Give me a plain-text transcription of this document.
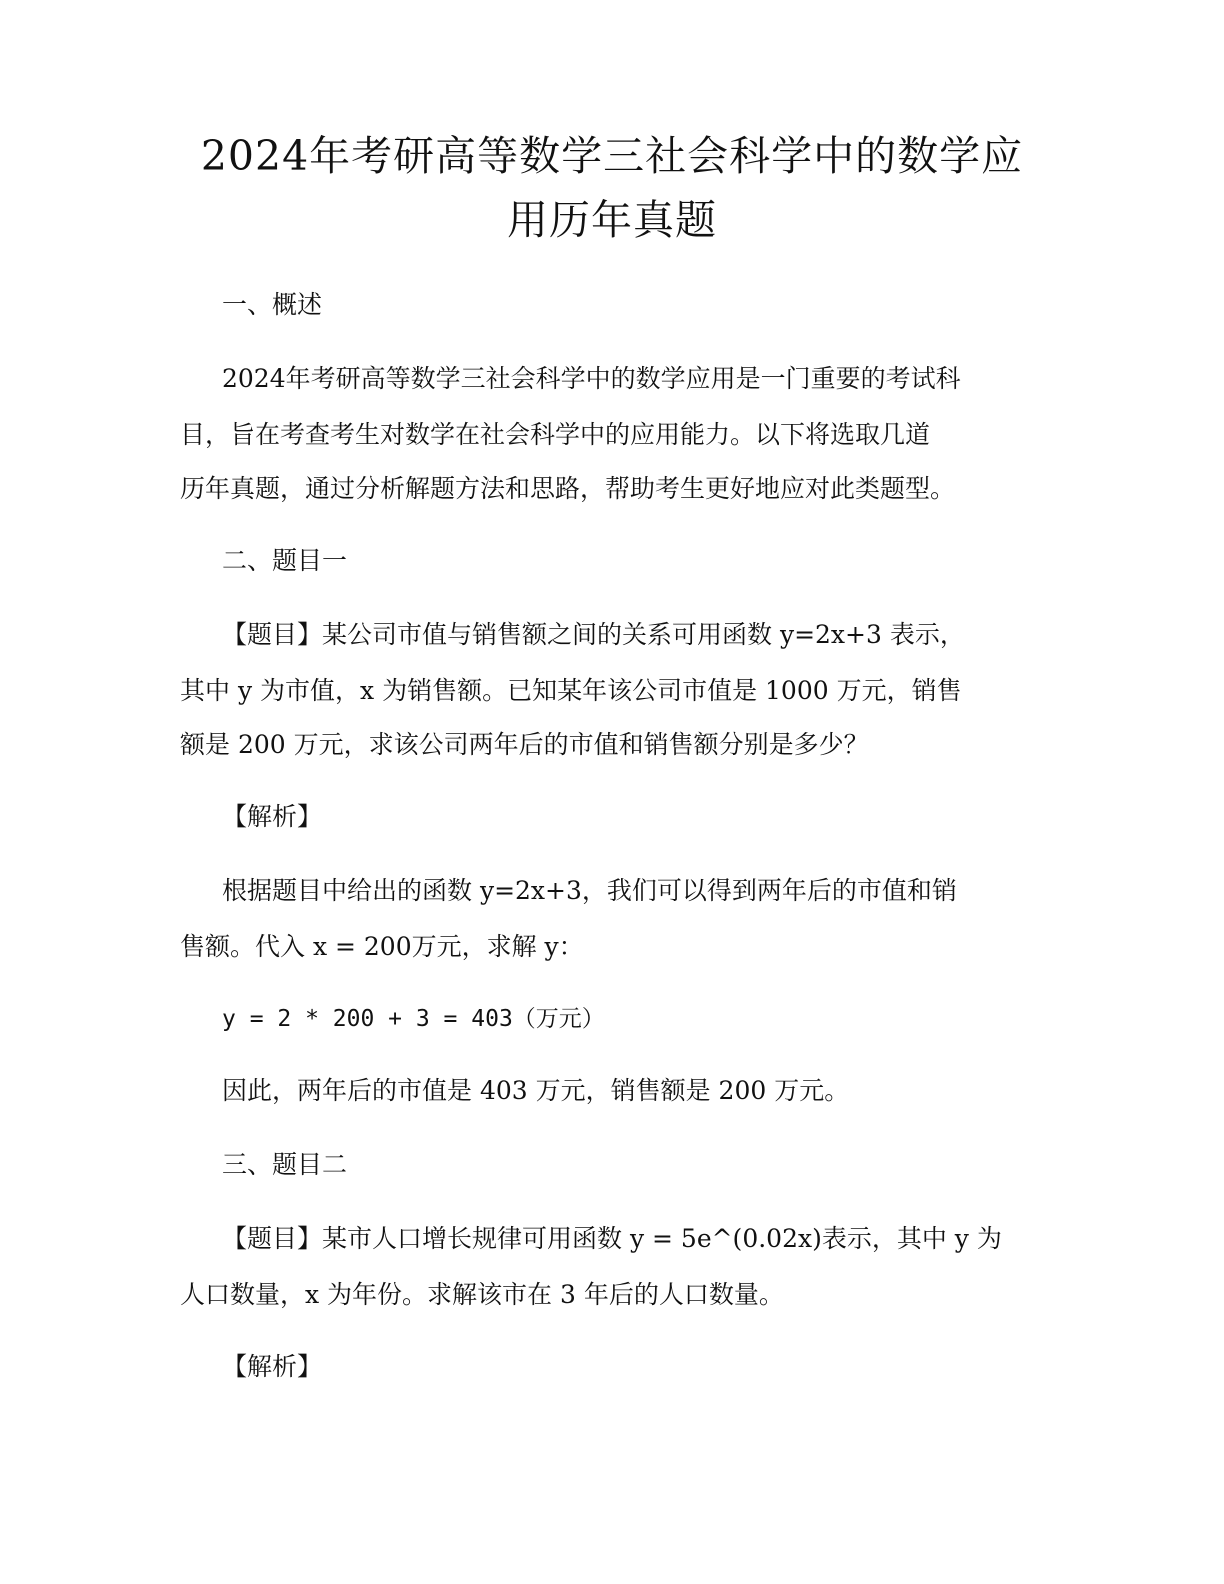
2024年考研高等数学三社会科学中的数学应
用历年真题

一、概述

2024年考研高等数学三社会科学中的数学应用是一门重要的考试科

目，旨在考查考生对数学在社会科学中的应用能力。以下将选取几道

历年真题，通过分析解题方法和思路，帮助考生更好地应对此类题型。

二、题目一

【题目】某公司市值与销售额之间的关系可用函数 y=2x+3 表示，

其中 y 为市值，x 为销售额。已知某年该公司市值是 1000 万元，销售

额是 200 万元，求该公司两年后的市值和销售额分别是多少？

【解析】

根据题目中给出的函数 y=2x+3，我们可以得到两年后的市值和销

售额。代入 x = 200万元，求解 y：

y = 2 * 200 + 3 = 403（万元）

因此，两年后的市值是 403 万元，销售额是 200 万元。

三、题目二

【题目】某市人口增长规律可用函数 y = 5e^(0.02x)表示，其中 y 为

人口数量，x 为年份。求解该市在 3 年后的人口数量。

【解析】
